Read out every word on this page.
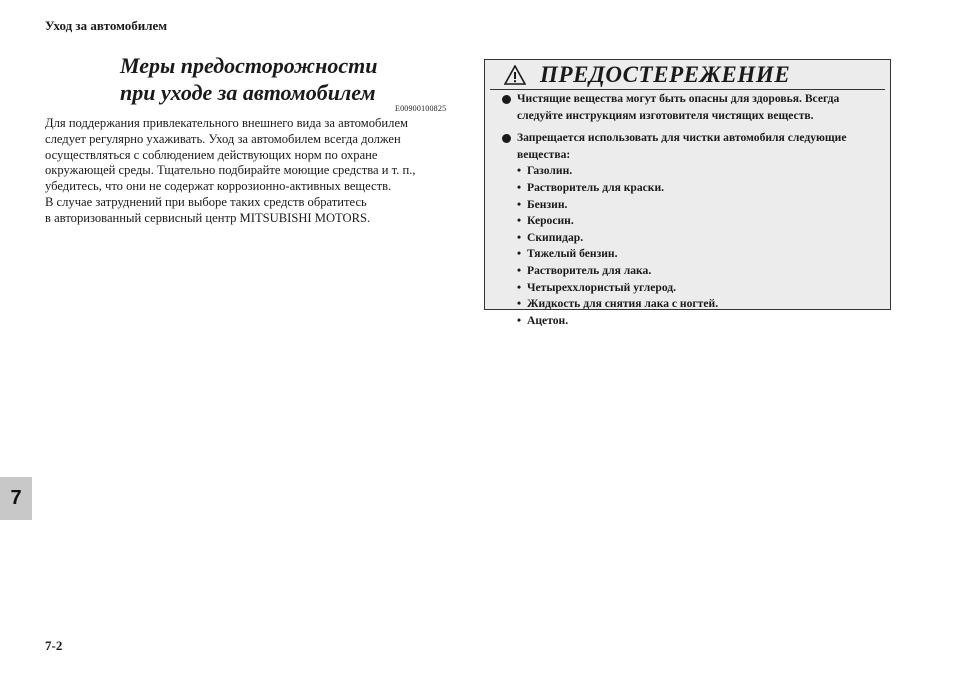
Уход за автомобилем
Меры предосторожности
при уходе за автомобилем
E00900100825
Для поддержания привлекательного внешнего вида за автомобилем
следует регулярно ухаживать. Уход за автомобилем всегда должен
осуществляться с соблюдением действующих норм по охране
окружающей среды. Тщательно подбирайте моющие средства и т. п.,
убедитесь, что они не содержат коррозионно-активных веществ.
В случае затруднений при выборе таких средств обратитесь
в авторизованный сервисный центр MITSUBISHI MOTORS.
ПРЕДОСТЕРЕЖЕНИЕ
Чистящие вещества могут быть опасны для здоровья. Всегда
следуйте инструкциям изготовителя чистящих веществ.
Запрещается использовать для чистки автомобиля следующие
вещества:
• Газолин.
• Растворитель для краски.
• Бензин.
• Керосин.
• Скипидар.
• Тяжелый бензин.
• Растворитель для лака.
• Четыреххлористый углерод.
• Жидкость для снятия лака с ногтей.
• Ацетон.
7
7-2
